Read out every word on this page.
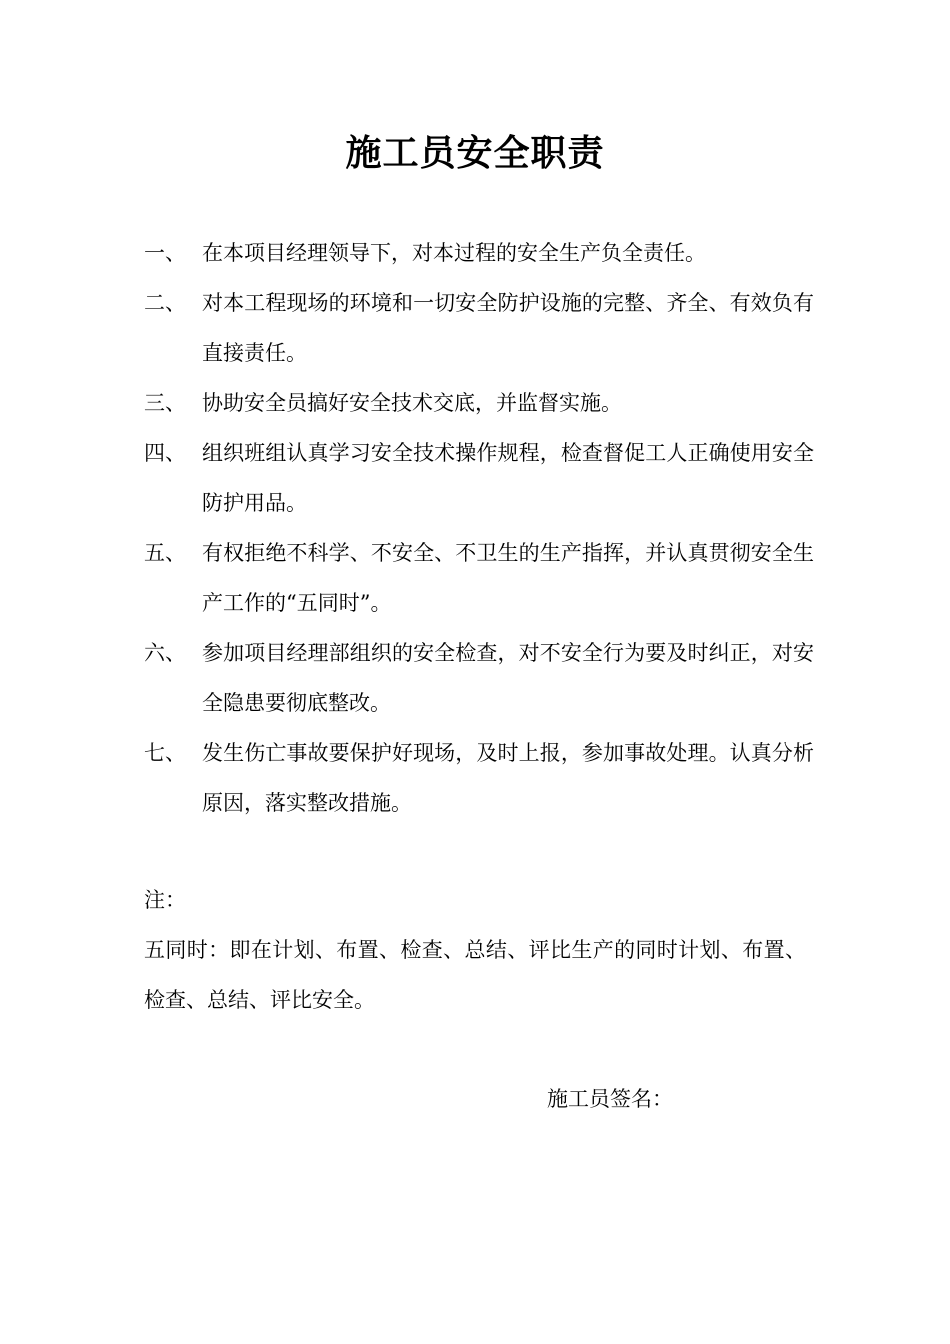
施工员安全职责
一、 在本项目经理领导下，对本过程的安全生产负全责任。
二、 对本工程现场的环境和一切安全防护设施的完整、齐全、有效负有直接责任。
三、 协助安全员搞好安全技术交底，并监督实施。
四、 组织班组认真学习安全技术操作规程，检查督促工人正确使用安全防护用品。
五、 有权拒绝不科学、不安全、不卫生的生产指挥，并认真贯彻安全生产工作的“五同时”。
六、 参加项目经理部组织的安全检查，对不安全行为要及时纠正，对安全隐患要彻底整改。
七、 发生伤亡事故要保护好现场，及时上报，参加事故处理。认真分析原因，落实整改措施。
注：
五同时：即在计划、布置、检查、总结、评比生产的同时计划、布置、检查、总结、评比安全。
施工员签名：
